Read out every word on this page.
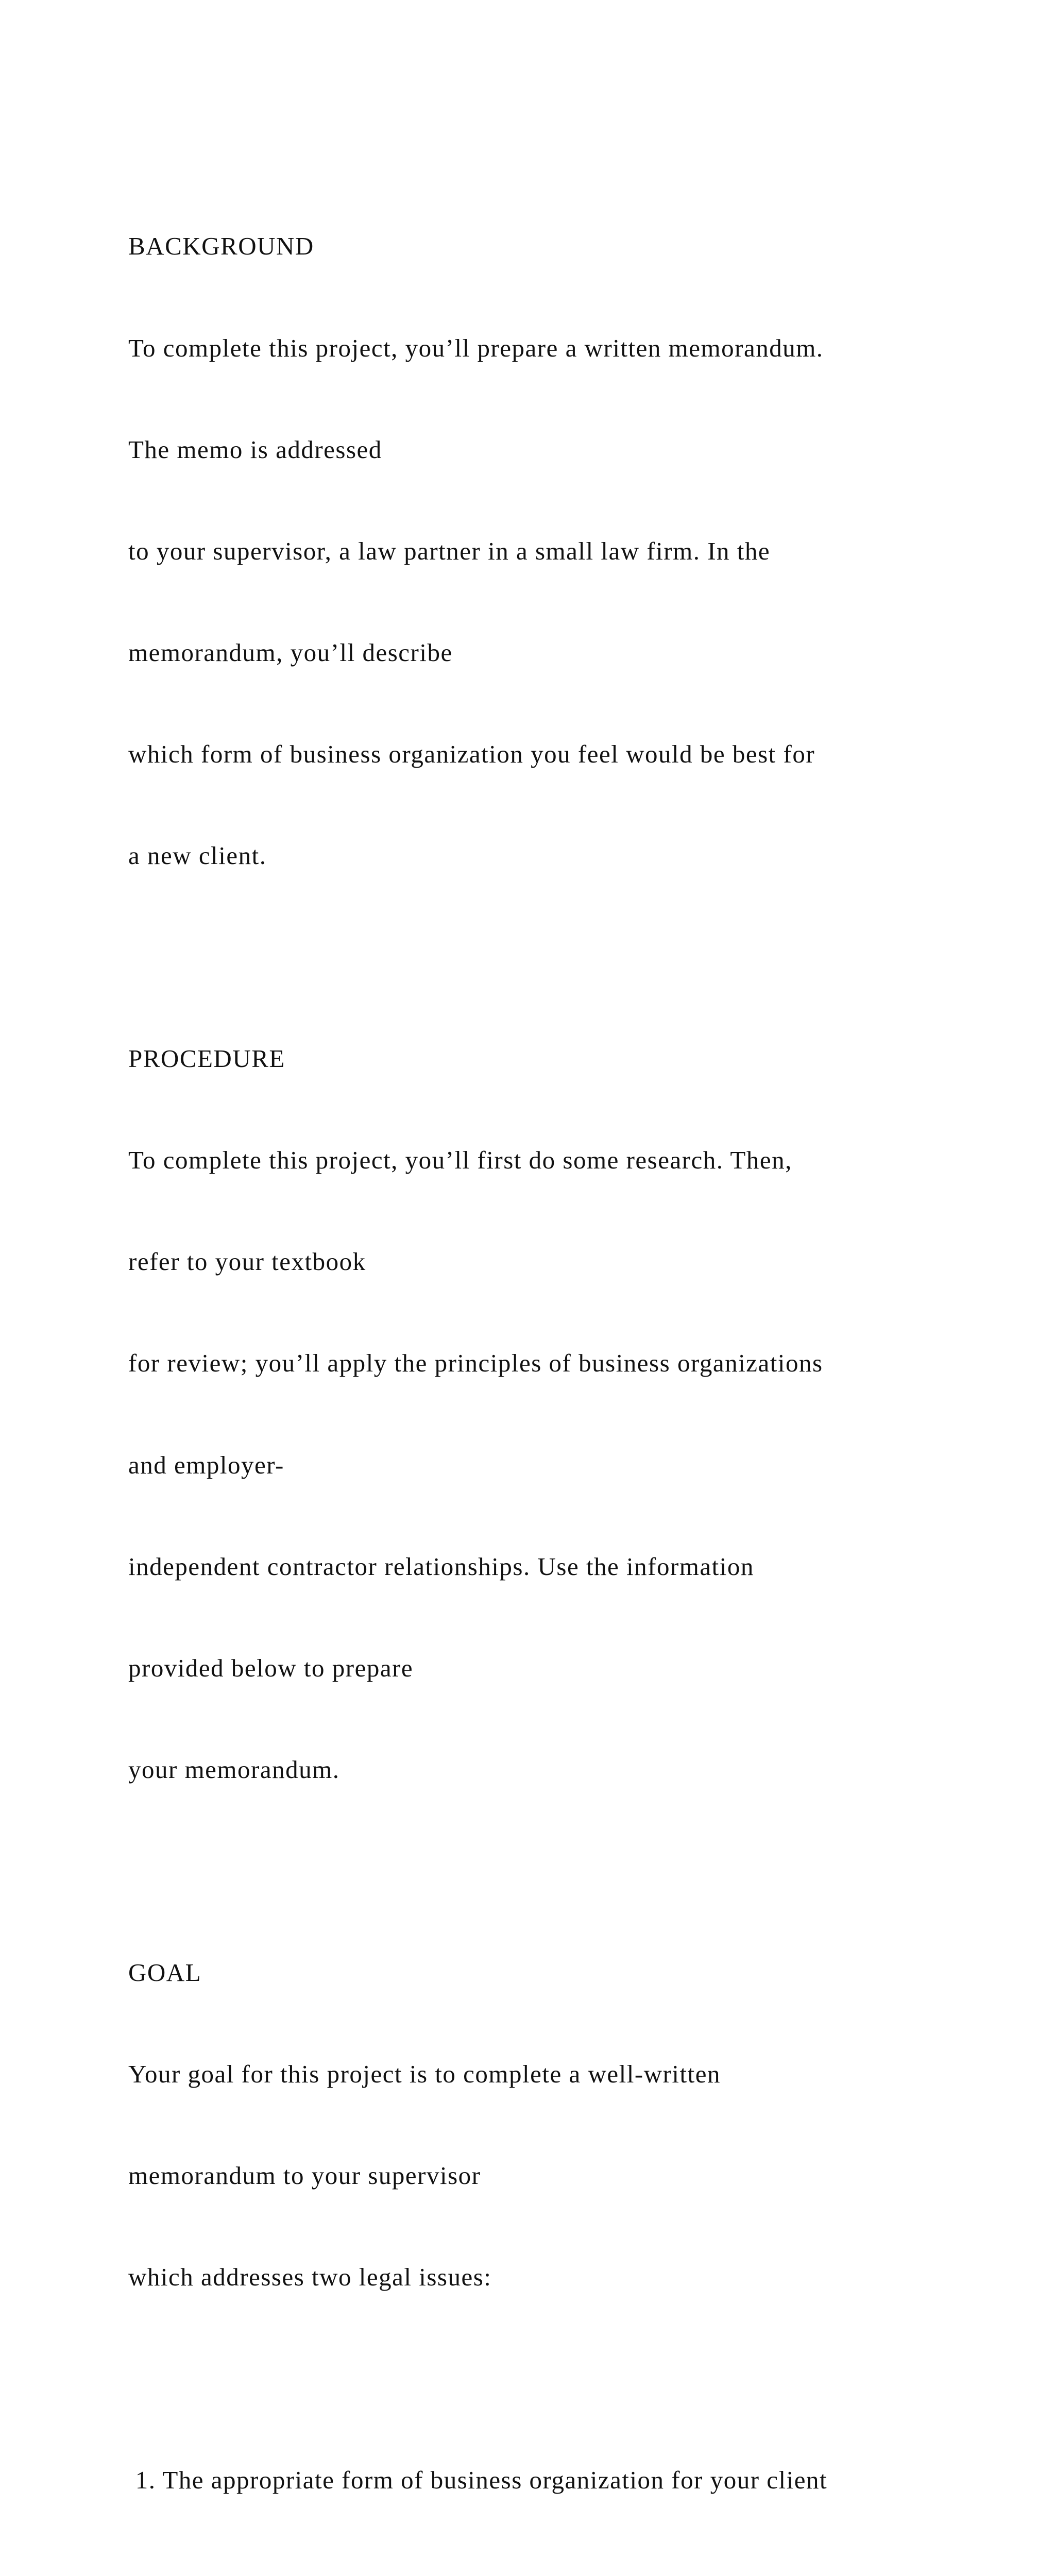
BACKGROUND

To complete this project, you’ll prepare a written memorandum.

The memo is addressed

to your supervisor, a law partner in a small law firm. In the

memorandum, you’ll describe

which form of business organization you feel would be best for

a new client.

PROCEDURE

To complete this project, you’ll first do some research. Then,

refer to your textbook

for review; you’ll apply the principles of business organizations

and employer-

independent contractor relationships. Use the information

provided below to prepare

your memorandum.

GOAL

Your goal for this project is to complete a well-written

memorandum to your supervisor

which addresses two legal issues:

1. The appropriate form of business organization for your client
